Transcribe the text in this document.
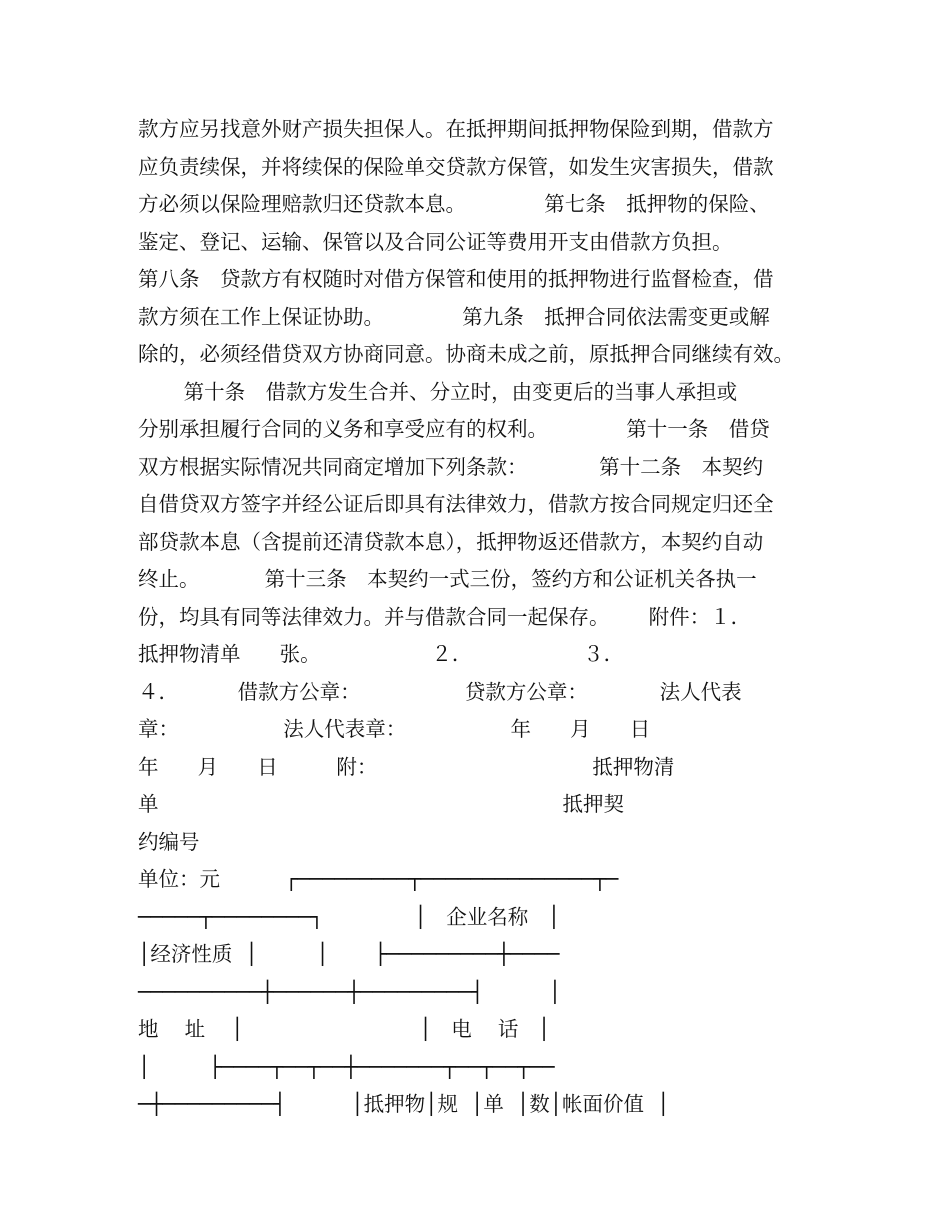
款方应另找意外财产损失担保人。在抵押期间抵押物保险到期，借款方
应负责续保，并将续保的保险单交贷款方保管，如发生灾害损失，借款
方必须以保险理赔款归还贷款本息。            第七条　抵押物的保险、
鉴定、登记、运输、保管以及合同公证等费用开支由借款方负担。
第八条　贷款方有权随时对借方保管和使用的抵押物进行监督检查，借
款方须在工作上保证协助。            第九条　抵押合同依法需变更或解
除的，必须经借贷双方协商同意。协商未成之前，原抵押合同继续有效。
第十条　借款方发生合并、分立时，由变更后的当事人承担或
分别承担履行合同的义务和享受应有的权利。            第十一条　借贷
双方根据实际情况共同商定增加下列条款：           第十二条　本契约
自借贷双方签字并经公证后即具有法律效力，借款方按合同规定归还全
部贷款本息（含提前还清贷款本息），抵押物返还借款方，本契约自动
终止。          第十三条　本契约一式三份，签约方和公证机关各执一
份，均具有同等法律效力。并与借款合同一起保存。      附件：１．
抵押物清单      张。                 ２．                 ３．
４．         借款方公章：                贷款方公章：           法人代表
章：                法人代表章：                年      月      日
年      月      日         附：                                 抵押物清
单                                                              抵押契
约编号
单位：元          ┌─────────┬──────────────┬─
─────┬────────┐              │   企业名称   │
│经济性质  │         │       ├─────────┼────
──────────┼──────┼─────────┤          │
地    址    │                           │   电    话   │
│         ├────┬──┬──┼───────┬──┬──┬──
─┼─────────┤          │抵押物│规  │单  │数│帐面价值  │
